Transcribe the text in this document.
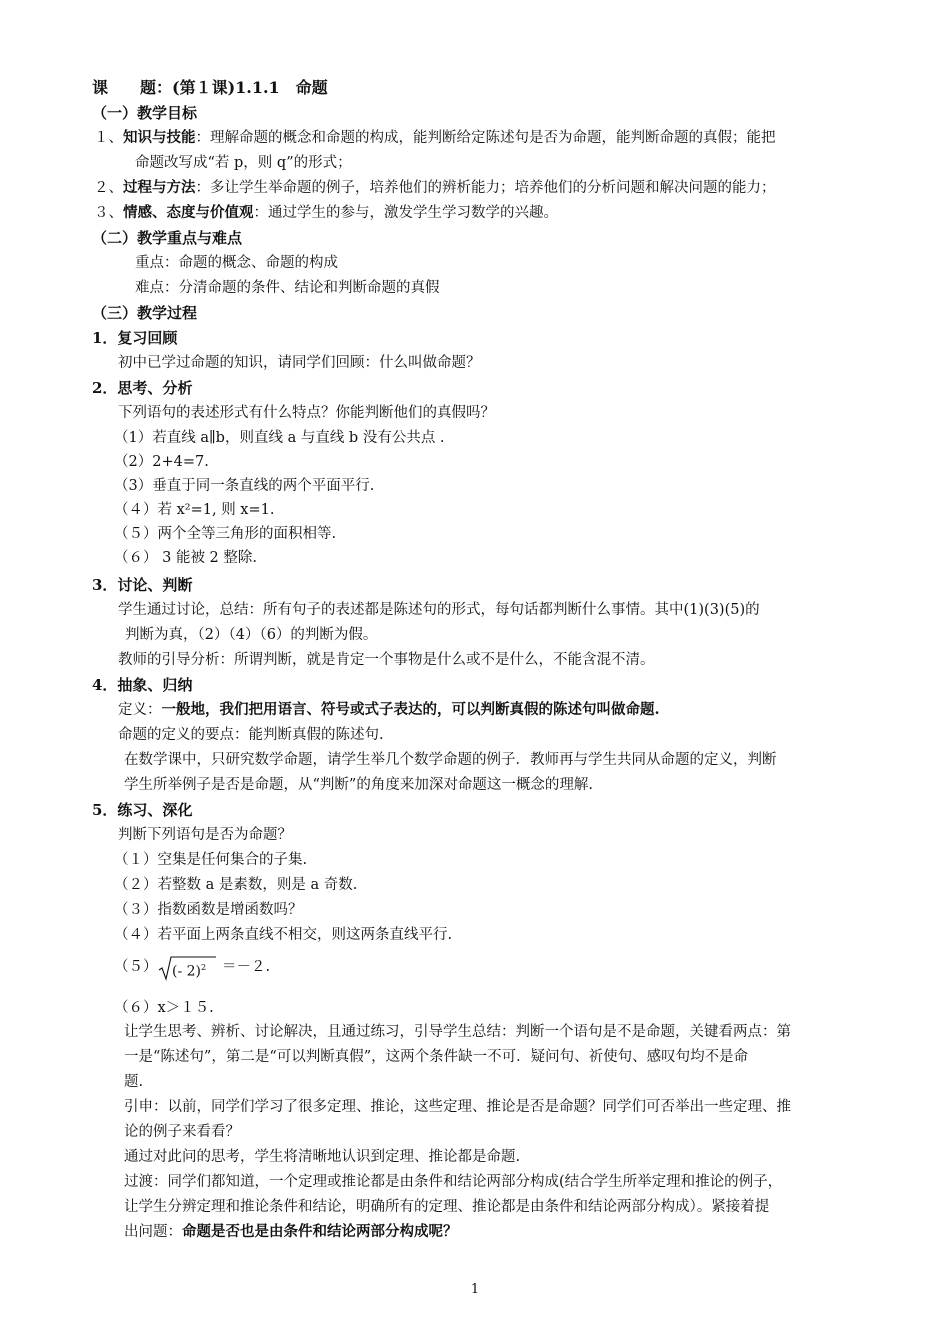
课　　题：(第１课)1.1.1　命题
（一）教学目标
１、知识与技能：理解命题的概念和命题的构成，能判断给定陈述句是否为命题，能判断命题的真假；能把
命题改写成“若 p，则 q”的形式；
２、过程与方法：多让学生举命题的例子，培养他们的辨析能力；培养他们的分析问题和解决问题的能力；
３、情感、态度与价值观：通过学生的参与，激发学生学习数学的兴趣。
（二）教学重点与难点
重点：命题的概念、命题的构成
难点：分清命题的条件、结论和判断命题的真假
（三）教学过程
1．复习回顾
初中已学过命题的知识，请同学们回顾：什么叫做命题？
2．思考、分析
下列语句的表述形式有什么特点？你能判断他们的真假吗？
（1）若直线 a∥b，则直线 a 与直线 b 没有公共点 .
（2）2+4=7.
（3）垂直于同一条直线的两个平面平行.
（４）若 x²=1, 则 x=1.
（５）两个全等三角形的面积相等.
（６） 3 能被 2 整除.
3．讨论、判断
学生通过讨论，总结：所有句子的表述都是陈述句的形式，每句话都判断什么事情。其中(1)(3)(5)的
判断为真，（2）（4）（6）的判断为假。
教师的引导分析：所谓判断，就是肯定一个事物是什么或不是什么，不能含混不清。
4．抽象、归纳
定义：一般地，我们把用语言、符号或式子表达的，可以判断真假的陈述句叫做命题.
命题的定义的要点：能判断真假的陈述句.
在数学课中，只研究数学命题，请学生举几个数学命题的例子．教师再与学生共同从命题的定义，判断
学生所举例子是否是命题，从“判断”的角度来加深对命题这一概念的理解.
5．练习、深化
判断下列语句是否为命题？
（１）空集是任何集合的子集.
（２）若整数 a 是素数，则是 a 奇数.
（３）指数函数是增函数吗？
（４）若平面上两条直线不相交，则这两条直线平行.
（５） (- 2)$^2$ ＝－２.
（６）x＞１５.
让学生思考、辨析、讨论解决，且通过练习，引导学生总结：判断一个语句是不是命题，关键看两点：第
一是“陈述句”，第二是“可以判断真假”，这两个条件缺一不可．疑问句、祈使句、感叹句均不是命
题.
引申：以前，同学们学习了很多定理、推论，这些定理、推论是否是命题？同学们可否举出一些定理、推
论的例子来看看？
通过对此问的思考，学生将清晰地认识到定理、推论都是命题.
过渡：同学们都知道，一个定理或推论都是由条件和结论两部分构成(结合学生所举定理和推论的例子，
让学生分辨定理和推论条件和结论，明确所有的定理、推论都是由条件和结论两部分构成）。紧接着提
出问题：命题是否也是由条件和结论两部分构成呢？
1
